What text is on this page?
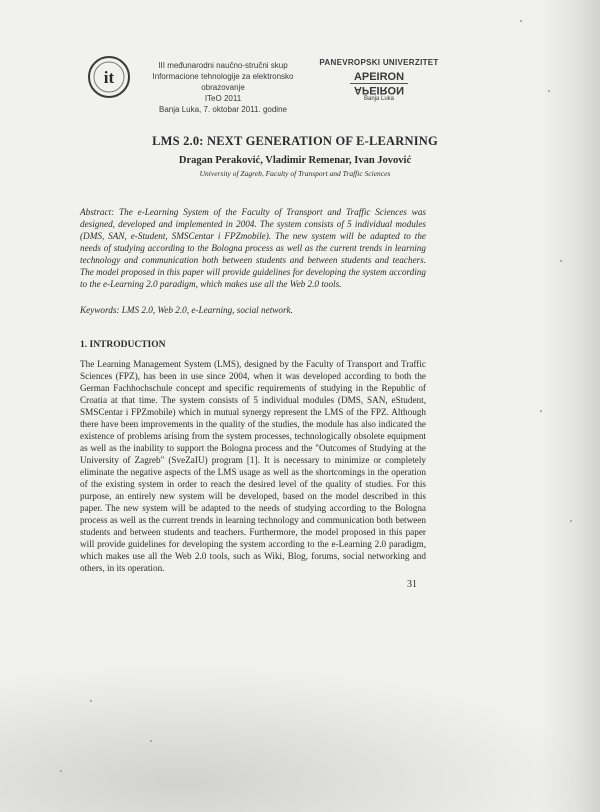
it
III međunarodni naučno-stručni skup
Informacione tehnologije za elektronsko obrazovanje
ITeO 2011
Banja Luka, 7. oktobar 2011. godine
PANEVROPSKI UNIVERZITET
APEIRON
APEIRON
Banja Luka
LMS 2.0: NEXT GENERATION OF E-LEARNING
Dragan Peraković, Vladimir Remenar, Ivan Jovović
University of Zagreb, Faculty of Transport and Traffic Sciences
Abstract: The e-Learning System of the Faculty of Transport and Traffic Sciences was designed, developed and implemented in 2004. The system consists of 5 individual modules (DMS, SAN, e-Student, SMSCentar i FPZmobile). The new system will be adapted to the needs of studying according to the Bologna process as well as the current trends in learning technology and communication both between students and between students and teachers. The model proposed in this paper will provide guidelines for developing the system according to the e-Learning 2.0 paradigm, which makes use all the Web 2.0 tools.
Keywords: LMS 2.0, Web 2.0, e-Learning, social network.
1. INTRODUCTION
The Learning Management System (LMS), designed by the Faculty of Transport and Traffic Sciences (FPZ), has been in use since 2004, when it was developed according to both the German Fachhochschule concept and specific requirements of studying in the Republic of Croatia at that time. The system consists of 5 individual modules (DMS, SAN, eStudent, SMSCentar i FPZmobile) which in mutual synergy represent the LMS of the FPZ. Although there have been improvements in the quality of the studies, the module has also indicated the existence of problems arising from the system processes, technologically obsolete equipment as well as the inability to support the Bologna process and the "Outcomes of Studying at the University of Zagreb" (SveZaIU) program [1]. It is necessary to minimize or completely eliminate the negative aspects of the LMS usage as well as the shortcomings in the operation of the existing system in order to reach the desired level of the quality of studies. For this purpose, an entirely new system will be developed, based on the model described in this paper. The new system will be adapted to the needs of studying according to the Bologna process as well as the current trends in learning technology and communication both between students and between students and teachers. Furthermore, the model proposed in this paper will provide guidelines for developing the system according to the e-Learning 2.0 paradigm, which makes use all the Web 2.0 tools, such as Wiki, Blog, forums, social networking and others, in its operation.
31
